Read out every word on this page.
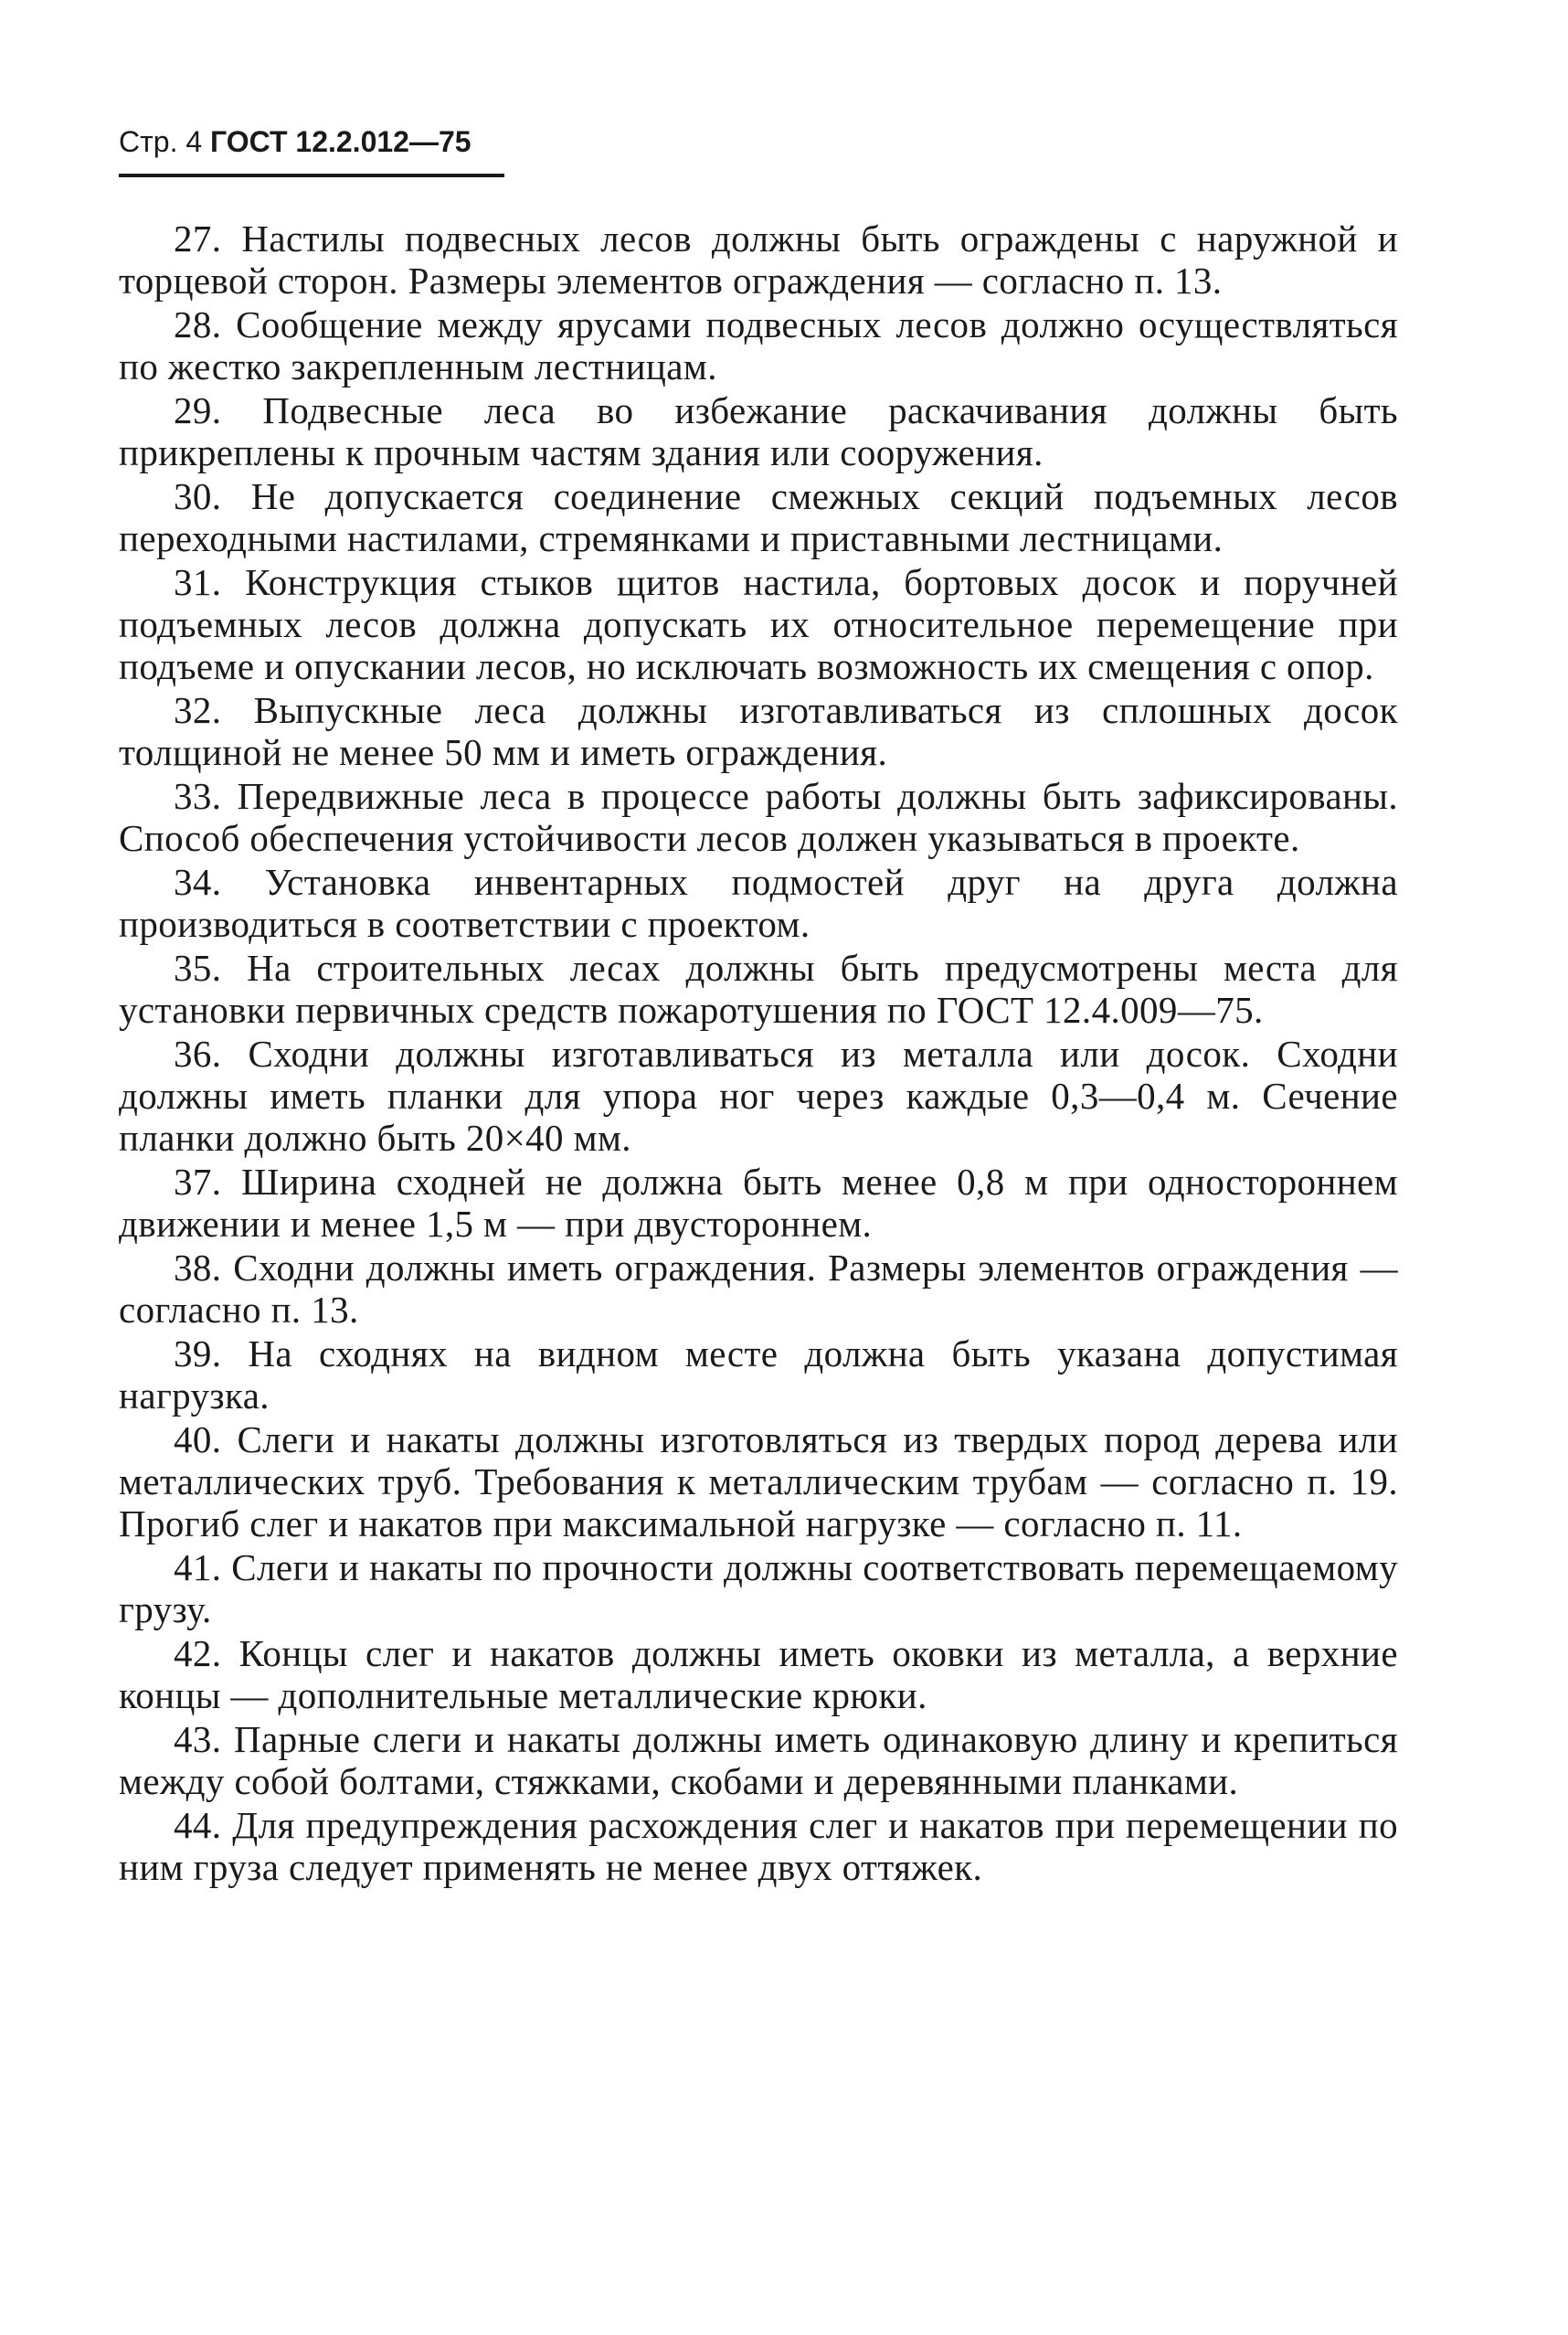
Стр. 4 ГОСТ 12.2.012—75

27. Настилы подвесных лесов должны быть ограждены с наружной и торцевой сторон. Размеры элементов ограждения — согласно п. 13.

28. Сообщение между ярусами подвесных лесов должно осуществляться по жестко закрепленным лестницам.

29. Подвесные леса во избежание раскачивания должны быть прикреплены к прочным частям здания или сооружения.

30. Не допускается соединение смежных секций подъемных лесов переходными настилами, стремянками и приставными лестницами.

31. Конструкция стыков щитов настила, бортовых досок и поручней подъемных лесов должна допускать их относительное перемещение при подъеме и опускании лесов, но исключать возможность их смещения с опор.

32. Выпускные леса должны изготавливаться из сплошных досок толщиной не менее 50 мм и иметь ограждения.

33. Передвижные леса в процессе работы должны быть зафиксированы. Способ обеспечения устойчивости лесов должен указываться в проекте.

34. Установка инвентарных подмостей друг на друга должна производиться в соответствии с проектом.

35. На строительных лесах должны быть предусмотрены места для установки первичных средств пожаротушения по ГОСТ 12.4.009—75.

36. Сходни должны изготавливаться из металла или досок. Сходни должны иметь планки для упора ног через каждые 0,3—0,4 м. Сечение планки должно быть 20×40 мм.

37. Ширина сходней не должна быть менее 0,8 м при одностороннем движении и менее 1,5 м — при двустороннем.

38. Сходни должны иметь ограждения. Размеры элементов ограждения — согласно п. 13.

39. На сходнях на видном месте должна быть указана допустимая нагрузка.

40. Слеги и накаты должны изготовляться из твердых пород дерева или металлических труб. Требования к металлическим трубам — согласно п. 19. Прогиб слег и накатов при максимальной нагрузке — согласно п. 11.

41. Слеги и накаты по прочности должны соответствовать перемещаемому грузу.

42. Концы слег и накатов должны иметь оковки из металла, а верхние концы — дополнительные металлические крюки.

43. Парные слеги и накаты должны иметь одинаковую длину и крепиться между собой болтами, стяжками, скобами и деревянными планками.

44. Для предупреждения расхождения слег и накатов при перемещении по ним груза следует применять не менее двух оттяжек.
